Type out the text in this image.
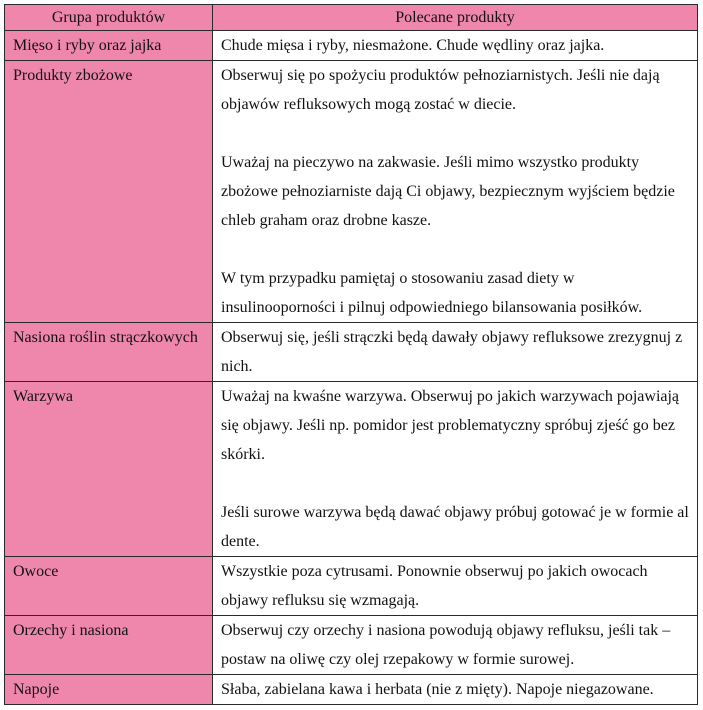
Grupa produktów	Polecane produkty
Mięso i ryby oraz jajka	Chude mięsa i ryby, niesmażone. Chude wędliny oraz jajka.

Produkty zbożowe	Obserwuj się po spożyciu produktów pełnoziarnistych. Jeśli nie dają objawów refluksowych mogą zostać w diecie.

Uważaj na pieczywo na zakwasie. Jeśli mimo wszystko produkty zbożowe pełnoziarniste dają Ci objawy, bezpiecznym wyjściem będzie chleb graham oraz drobne kasze.

W tym przypadku pamiętaj o stosowaniu zasad diety w insulinooporności i pilnuj odpowiedniego bilansowania posiłków.

Nasiona roślin strączkowych	Obserwuj się, jeśli strączki będą dawały objawy refluksowe zrezygnuj z nich.

Warzywa	Uważaj na kwaśne warzywa. Obserwuj po jakich warzywach pojawiają się objawy. Jeśli np. pomidor jest problematyczny spróbuj zjeść go bez skórki.

Jeśli surowe warzywa będą dawać objawy próbuj gotować je w formie al dente.

Owoce	Wszystkie poza cytrusami. Ponownie obserwuj po jakich owocach objawy refluksu się wzmagają.

Orzechy i nasiona	Obserwuj czy orzechy i nasiona powodują objawy refluksu, jeśli tak – postaw na oliwę czy olej rzepakowy w formie surowej.

Napoje	Słaba, zabielana kawa i herbata (nie z mięty). Napoje niegazowane.
